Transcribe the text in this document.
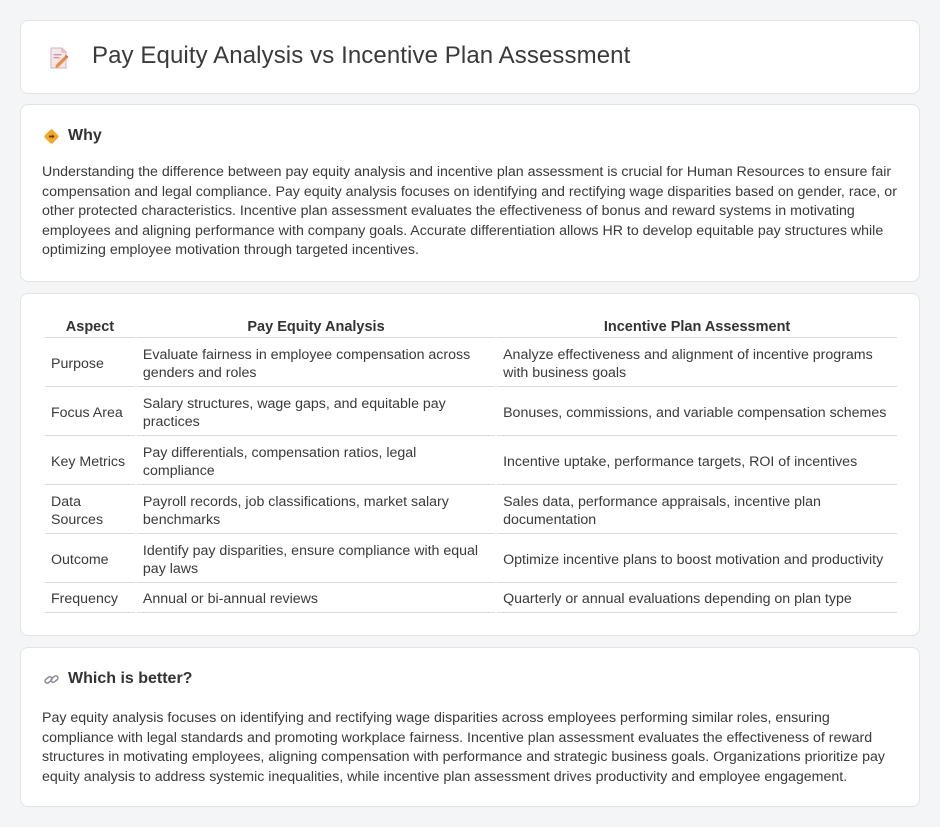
Pay Equity Analysis vs Incentive Plan Assessment
Why

Understanding the difference between pay equity analysis and incentive plan assessment is crucial for Human Resources to ensure fair compensation and legal compliance. Pay equity analysis focuses on identifying and rectifying wage disparities based on gender, race, or other protected characteristics. Incentive plan assessment evaluates the effectiveness of bonus and reward systems in motivating employees and aligning performance with company goals. Accurate differentiation allows HR to develop equitable pay structures while optimizing employee motivation through targeted incentives.

Aspect	Pay Equity Analysis	Incentive Plan Assessment
Purpose	Evaluate fairness in employee compensation across genders and roles	Analyze effectiveness and alignment of incentive programs with business goals
Focus Area	Salary structures, wage gaps, and equitable pay practices	Bonuses, commissions, and variable compensation schemes
Key Metrics	Pay differentials, compensation ratios, legal compliance	Incentive uptake, performance targets, ROI of incentives
Data Sources	Payroll records, job classifications, market salary benchmarks	Sales data, performance appraisals, incentive plan documentation
Outcome	Identify pay disparities, ensure compliance with equal pay laws	Optimize incentive plans to boost motivation and productivity
Frequency	Annual or bi-annual reviews	Quarterly or annual evaluations depending on plan type
Which is better?

Pay equity analysis focuses on identifying and rectifying wage disparities across employees performing similar roles, ensuring compliance with legal standards and promoting workplace fairness. Incentive plan assessment evaluates the effectiveness of reward structures in motivating employees, aligning compensation with performance and strategic business goals. Organizations prioritize pay equity analysis to address systemic inequalities, while incentive plan assessment drives productivity and employee engagement.
